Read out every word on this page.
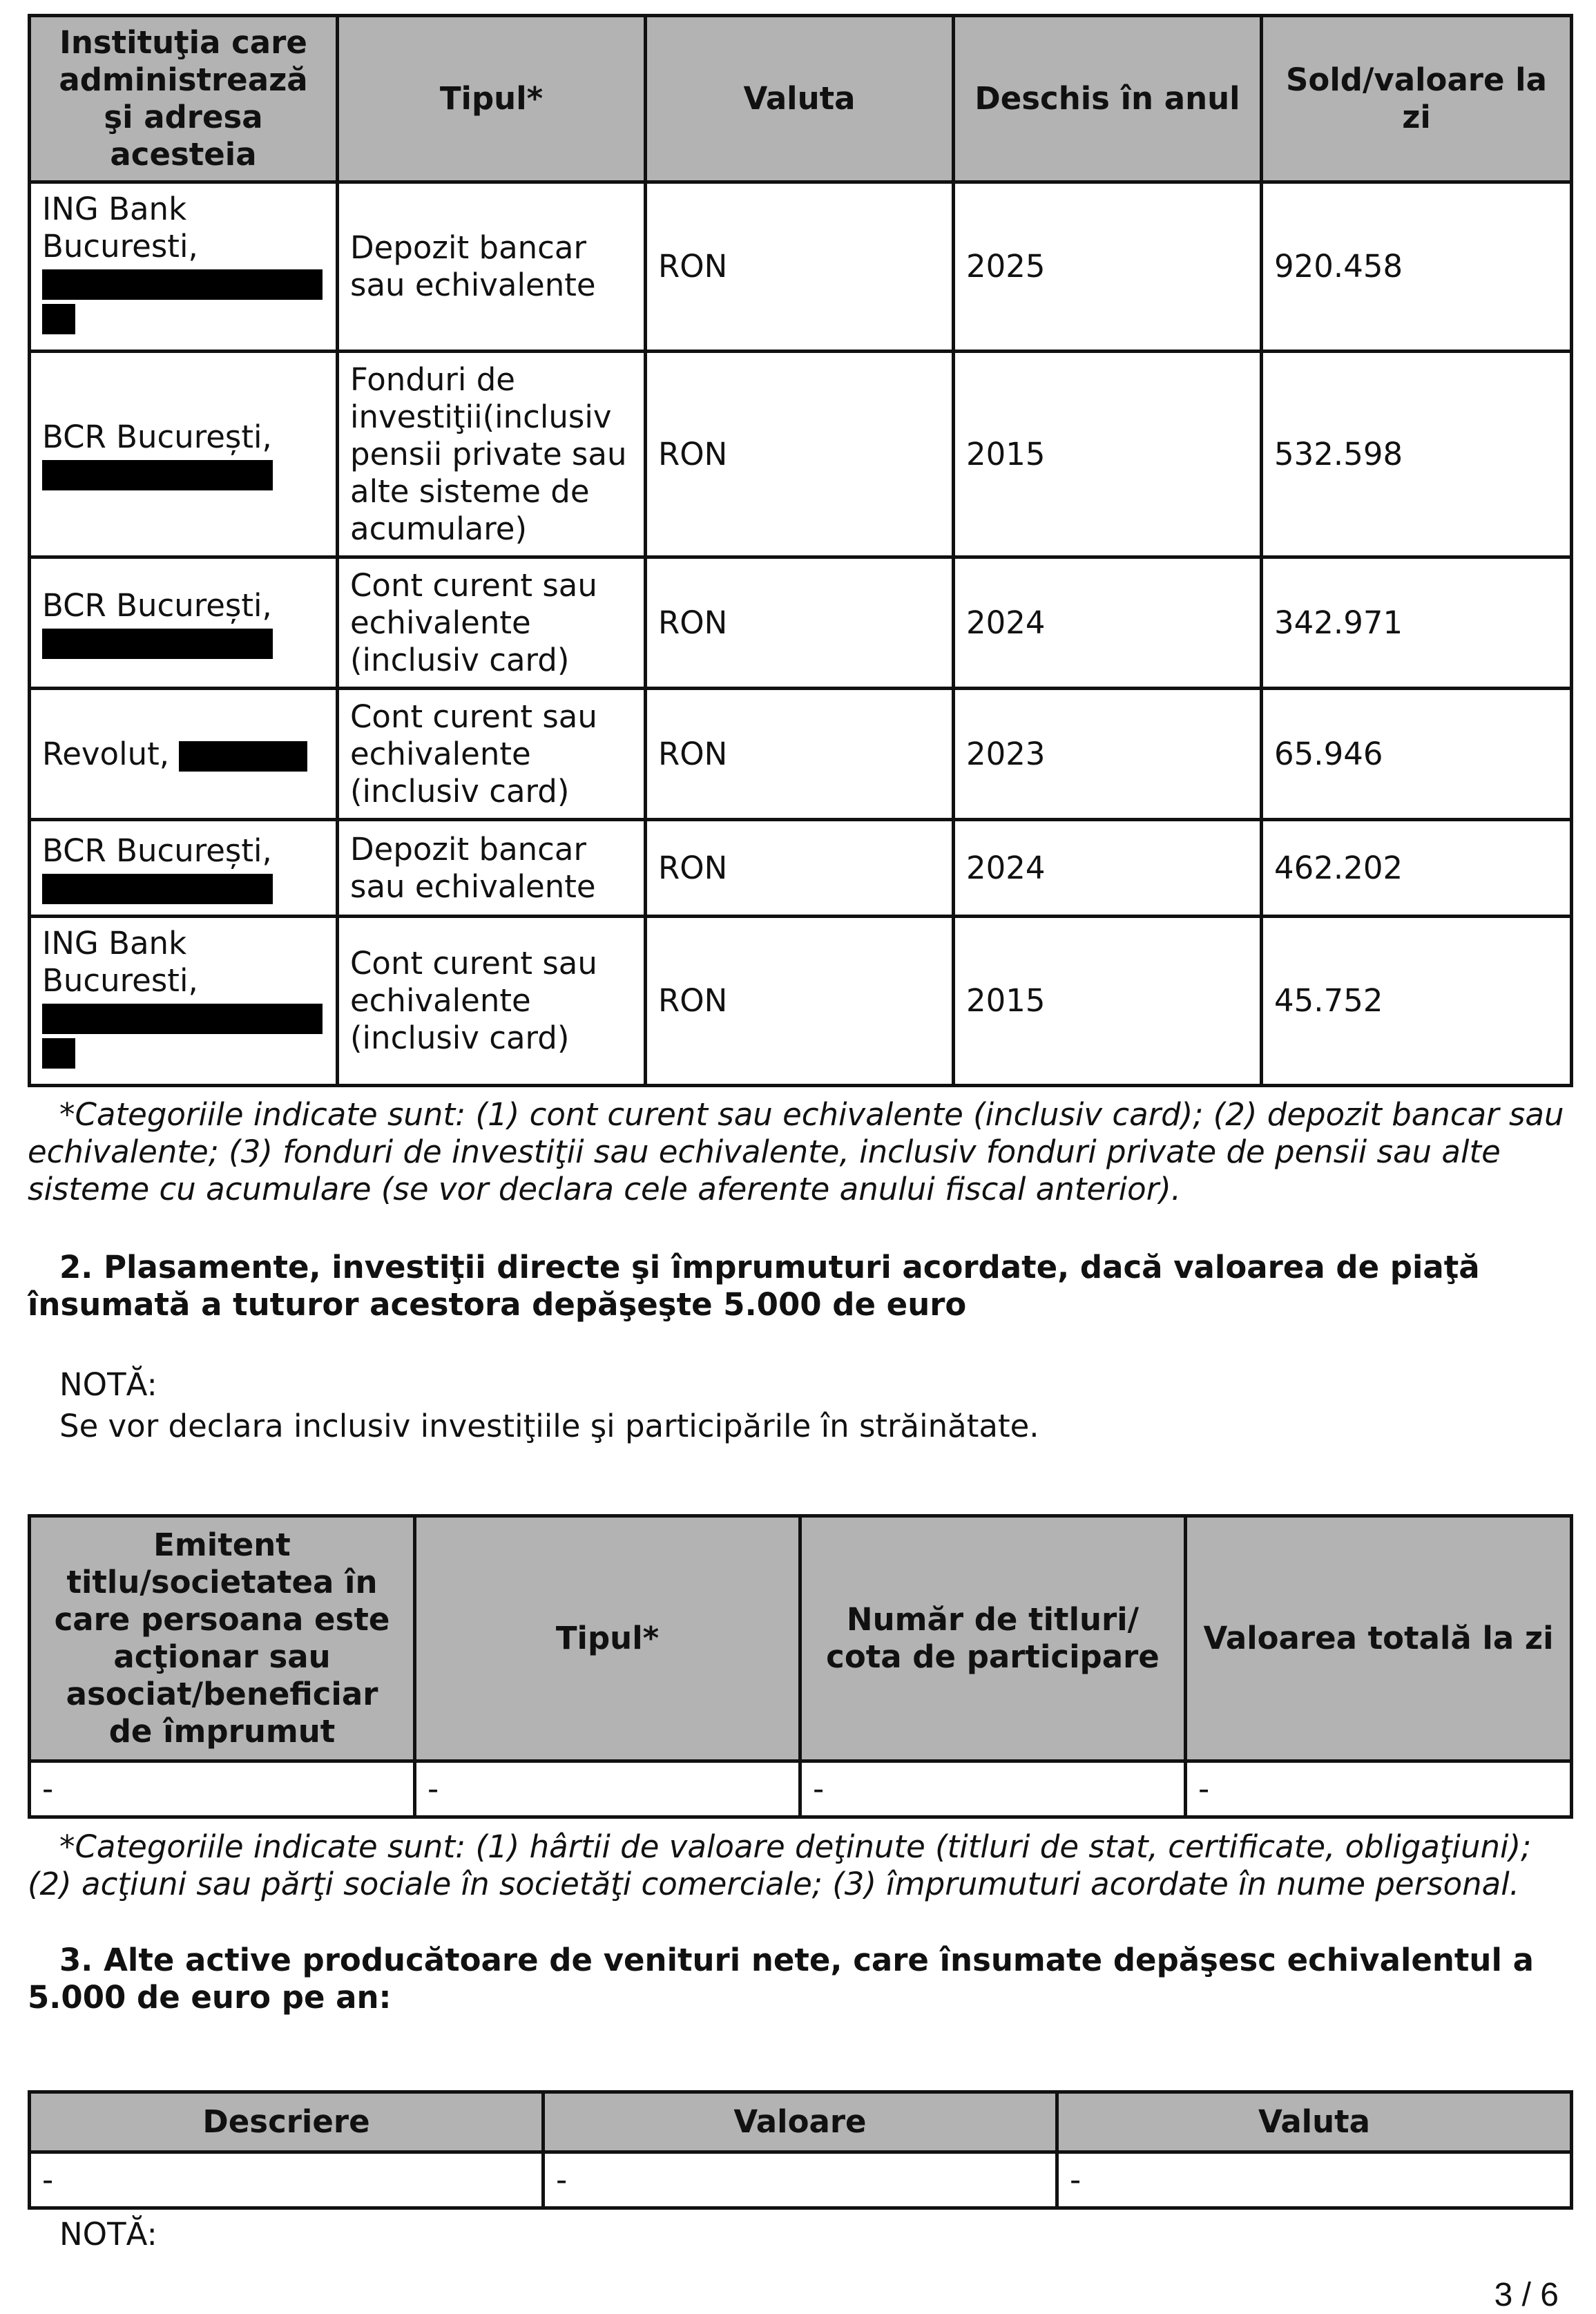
Instituţia care administrează şi adresa acesteia	Tipul*	Valuta	Deschis în anul	Sold/valoare la zi
ING Bank Bucuresti,	Depozit bancar sau echivalente	RON	2025	920.458
BCR București,	Fonduri de investiţii(inclusiv pensii private sau alte sisteme de acumulare)	RON	2015	532.598
BCR București,	Cont curent sau echivalente (inclusiv card)	RON	2024	342.971
Revolut,	Cont curent sau echivalente (inclusiv card)	RON	2023	65.946
BCR București,	Depozit bancar sau echivalente	RON	2024	462.202
ING Bank Bucuresti,	Cont curent sau echivalente (inclusiv card)	RON	2015	45.752

*Categoriile indicate sunt: (1) cont curent sau echivalente (inclusiv card); (2) depozit bancar sau echivalente; (3) fonduri de investiţii sau echivalente, inclusiv fonduri private de pensii sau alte sisteme cu acumulare (se vor declara cele aferente anului fiscal anterior).

2. Plasamente, investiţii directe şi împrumuturi acordate, dacă valoarea de piaţă însumată a tuturor acestora depăşeşte 5.000 de euro

NOTĂ:

Se vor declara inclusiv investiţiile şi participările în străinătate.

Emitent titlu/societatea în care persoana este acţionar sau asociat/beneficiar de împrumut	Tipul*	Număr de titluri/ cota de participare	Valoarea totală la zi
-	-	-	-

*Categoriile indicate sunt: (1) hârtii de valoare deţinute (titluri de stat, certificate, obligaţiuni); (2) acţiuni sau părţi sociale în societăţi comerciale; (3) împrumuturi acordate în nume personal.

3. Alte active producătoare de venituri nete, care însumate depăşesc echivalentul a 5.000 de euro pe an:

Descriere	Valoare	Valuta
-	-	-

NOTĂ:

3 / 6
